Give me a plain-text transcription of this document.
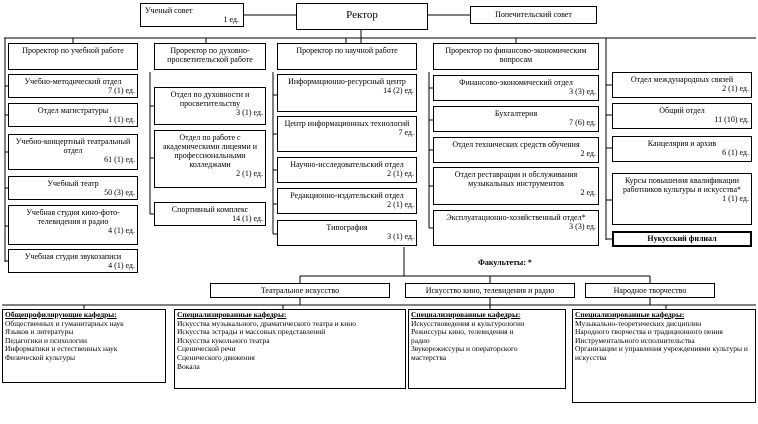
Ученый совет
1 ед.	Ректор	Попечительский совет
Проректор по учебной работе
Учебно-методический отдел
7 (1) ед.
Отдел магистратуры
1 (1) ед.
Учебно-концертный театральный отдел
61 (1) ед.
Учебный театр
50 (3) ед.
Учебная студия кино-фото-телевидения и радио
4 (1) ед.
Учебная студия звукозаписи
4 (1) ед.
Проректор по духовно-просветительской работе
Отдел по духовности и просветительству
3 (1) ед.
Отдел по работе с академическими лицеями и профессиональными колледжами
2 (1) ед.
Спортивный комплекс
14 (1) ед.
Проректор по научной работе
Информационно-ресурсный центр
14 (2) ед.
Центр информационных технологий
7 ед.
Научно-исследовательский отдел
2 (1) ед.
Редакционно-издательский отдел
2 (1) ед.
Типография
3 (1) ед.
Проректор по финансово-экономическим вопросам
Финансово-экономический отдел
3 (3) ед.
Бухгалтерия
7 (6) ед.
Отдел технических средств обучения
2 ед.
Отдел реставрации и обслуживания музыкальных инструментов
2 ед.
Эксплуатационно-хозяйственный отдел*
3 (3) ед.
Отдел международных связей
2 (1) ед.
Общий отдел
11 (10) ед.
Канцелярия и архив
6 (1) ед.
Курсы повышения квалификации работников культуры и искусства*
1 (1) ед.
Нукусский филиал
Факультеты: *
Театральное искусство	Искусство кино, телевидения и радио	Народное творчество
Общепрофилирующие кафедры:
Общественных и гуманитарных наук
Языков и литературы
Педагогики и психологии
Информатики и естественных наук
Физической культуры
Специализированные кафедры:
Искусства музыкального, драматического театра и кино
Искусства эстрады и массовых представлений
Искусства кукольного театра
Сценической речи
Сценического движения
Вокала
Специализированные кафедры:
Искусствоведения и культурологии
Режиссуры кино, телевидения и
радио
Звукорежиссуры и операторского
мастерства
Специализированные кафедры:
Музыкально-теоретических дисциплин
Народного творчества и традиционного пения
Инструментального исполнительства
Организации и управления учреждениями культуры и искусства
